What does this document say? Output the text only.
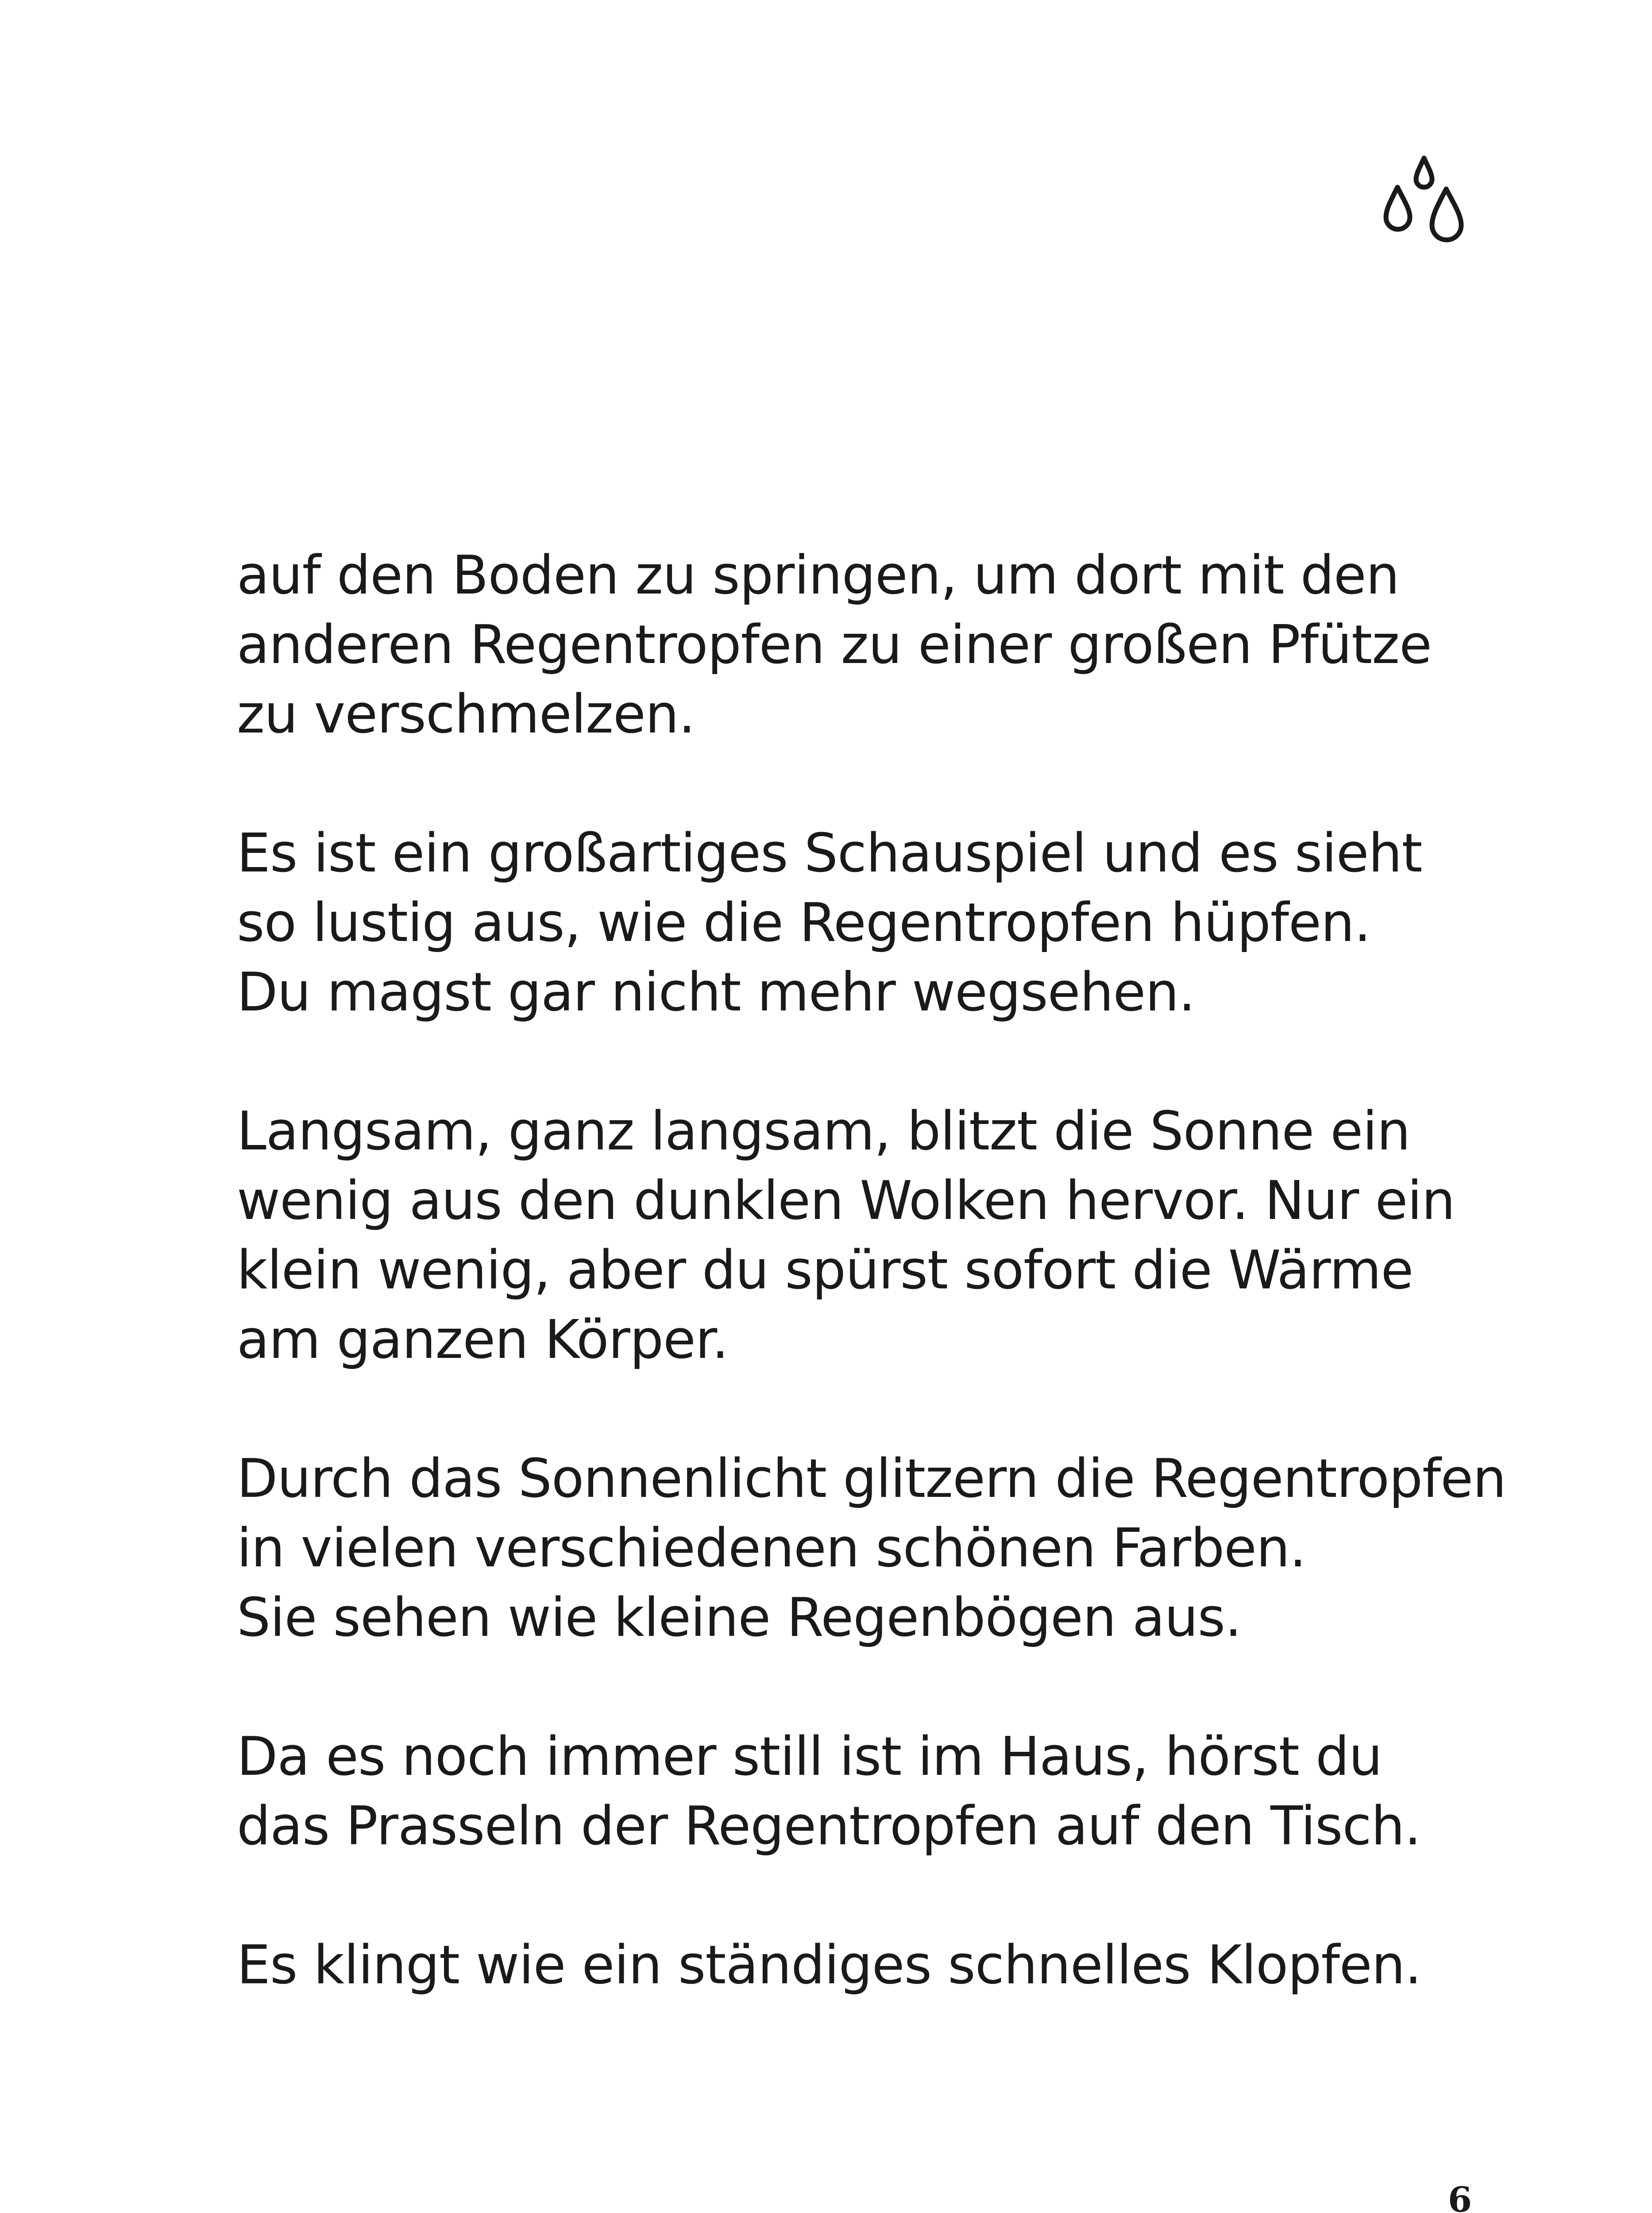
auf den Boden zu springen, um dort mit den
anderen Regentropfen zu einer großen Pfütze
zu verschmelzen.
Es ist ein großartiges Schauspiel und es sieht
so lustig aus, wie die Regentropfen hüpfen.
Du magst gar nicht mehr wegsehen.
Langsam, ganz langsam, blitzt die Sonne ein
wenig aus den dunklen Wolken hervor. Nur ein
klein wenig, aber du spürst sofort die Wärme
am ganzen Körper.
Durch das Sonnenlicht glitzern die Regentropfen
in vielen verschiedenen schönen Farben.
Sie sehen wie kleine Regenbögen aus.
Da es noch immer still ist im Haus, hörst du
das Prasseln der Regentropfen auf den Tisch.
Es klingt wie ein ständiges schnelles Klopfen.
6
